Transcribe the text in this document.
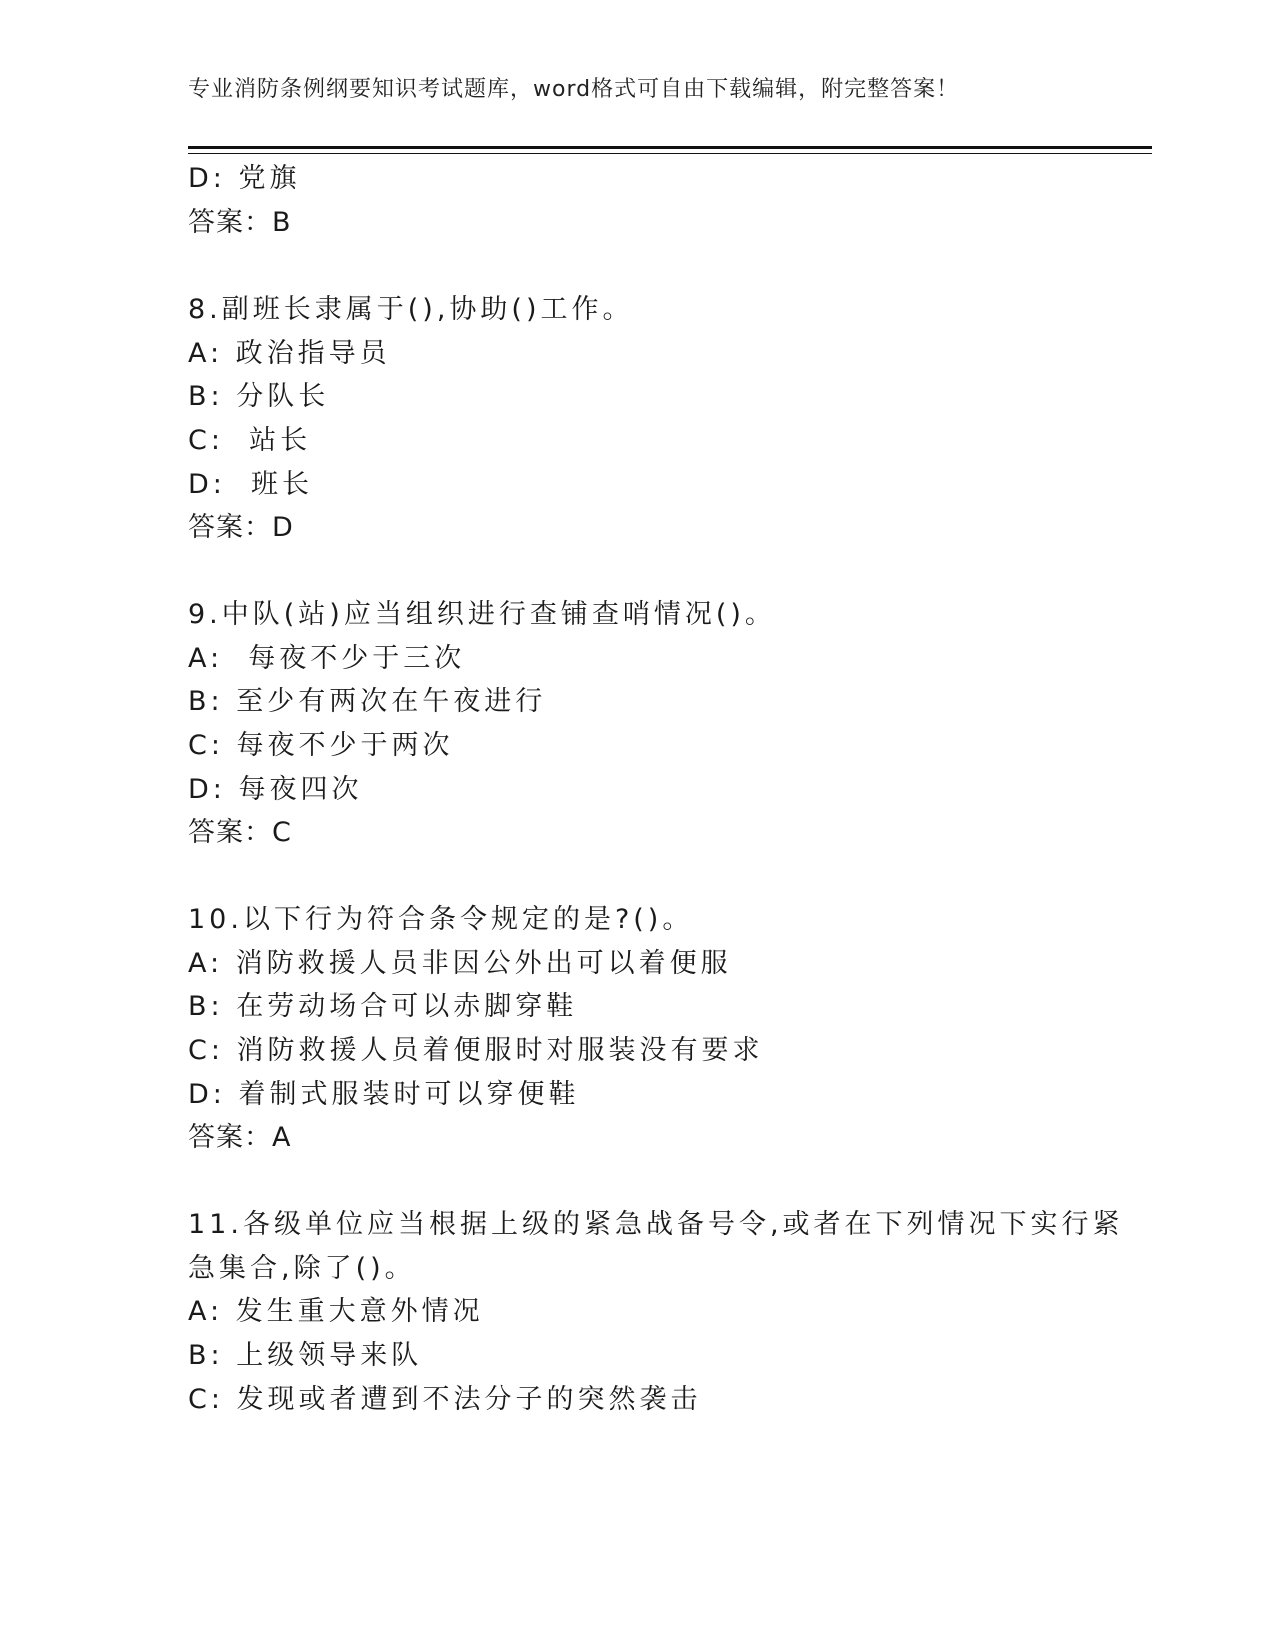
专业消防条例纲要知识考试题库，word格式可自由下载编辑，附完整答案！
D: 党旗
答案：B
8.副班长隶属于(),协助()工作。
A: 政治指导员
B: 分队长
C:  站长
D:  班长
答案：D
9.中队(站)应当组织进行查铺查哨情况()。
A:  每夜不少于三次
B: 至少有两次在午夜进行
C: 每夜不少于两次
D: 每夜四次
答案：C
10.以下行为符合条令规定的是?()。
A: 消防救援人员非因公外出可以着便服
B: 在劳动场合可以赤脚穿鞋
C: 消防救援人员着便服时对服装没有要求
D: 着制式服装时可以穿便鞋
答案：A
11.各级单位应当根据上级的紧急战备号令,或者在下列情况下实行紧
急集合,除了()。
A: 发生重大意外情况
B: 上级领导来队
C: 发现或者遭到不法分子的突然袭击
